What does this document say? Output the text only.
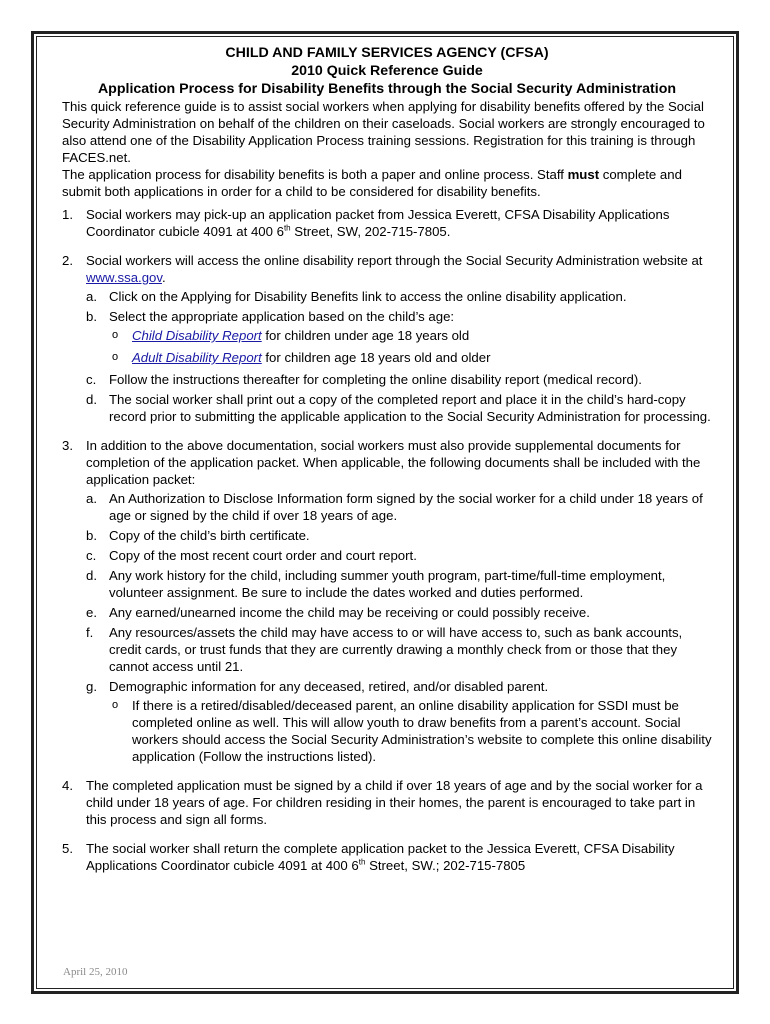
CHILD AND FAMILY SERVICES AGENCY (CFSA)

2010 Quick Reference Guide

Application Process for Disability Benefits through the Social Security Administration

This quick reference guide is to assist social workers when applying for disability benefits offered by the Social Security Administration on behalf of the children on their caseloads. Social workers are strongly encouraged to also attend one of the Disability Application Process training sessions. Registration for this training is through FACES.net.

The application process for disability benefits is both a paper and online process. Staff must complete and submit both applications in order for a child to be considered for disability benefits.

1. Social workers may pick-up an application packet from Jessica Everett, CFSA Disability Applications Coordinator cubicle 4091 at 400 6th Street, SW, 202-715-7805.
2. Social workers will access the online disability report through the Social Security Administration website at www.ssa.gov.
a. Click on the Applying for Disability Benefits link to access the online disability application.
b. Select the appropriate application based on the child’s age:
o Child Disability Report for children under age 18 years old
o Adult Disability Report for children age 18 years old and older
c. Follow the instructions thereafter for completing the online disability report (medical record).
d. The social worker shall print out a copy of the completed report and place it in the child’s hard-copy record prior to submitting the applicable application to the Social Security Administration for processing.
3. In addition to the above documentation, social workers must also provide supplemental documents for completion of the application packet. When applicable, the following documents shall be included with the application packet:
a. An Authorization to Disclose Information form signed by the social worker for a child under 18 years of age or signed by the child if over 18 years of age.
b. Copy of the child’s birth certificate.
c. Copy of the most recent court order and court report.
d. Any work history for the child, including summer youth program, part-time/full-time employment, volunteer assignment. Be sure to include the dates worked and duties performed.
e. Any earned/unearned income the child may be receiving or could possibly receive.
f. Any resources/assets the child may have access to or will have access to, such as bank accounts, credit cards, or trust funds that they are currently drawing a monthly check from or those that they cannot access until 21.
g. Demographic information for any deceased, retired, and/or disabled parent.
o If there is a retired/disabled/deceased parent, an online disability application for SSDI must be completed online as well. This will allow youth to draw benefits from a parent’s account. Social workers should access the Social Security Administration’s website to complete this online disability application (Follow the instructions listed).
4. The completed application must be signed by a child if over 18 years of age and by the social worker for a child under 18 years of age. For children residing in their homes, the parent is encouraged to take part in this process and sign all forms.
5. The social worker shall return the complete application packet to the Jessica Everett, CFSA Disability Applications Coordinator cubicle 4091 at 400 6th Street, SW.; 202-715-7805
April 25, 2010
